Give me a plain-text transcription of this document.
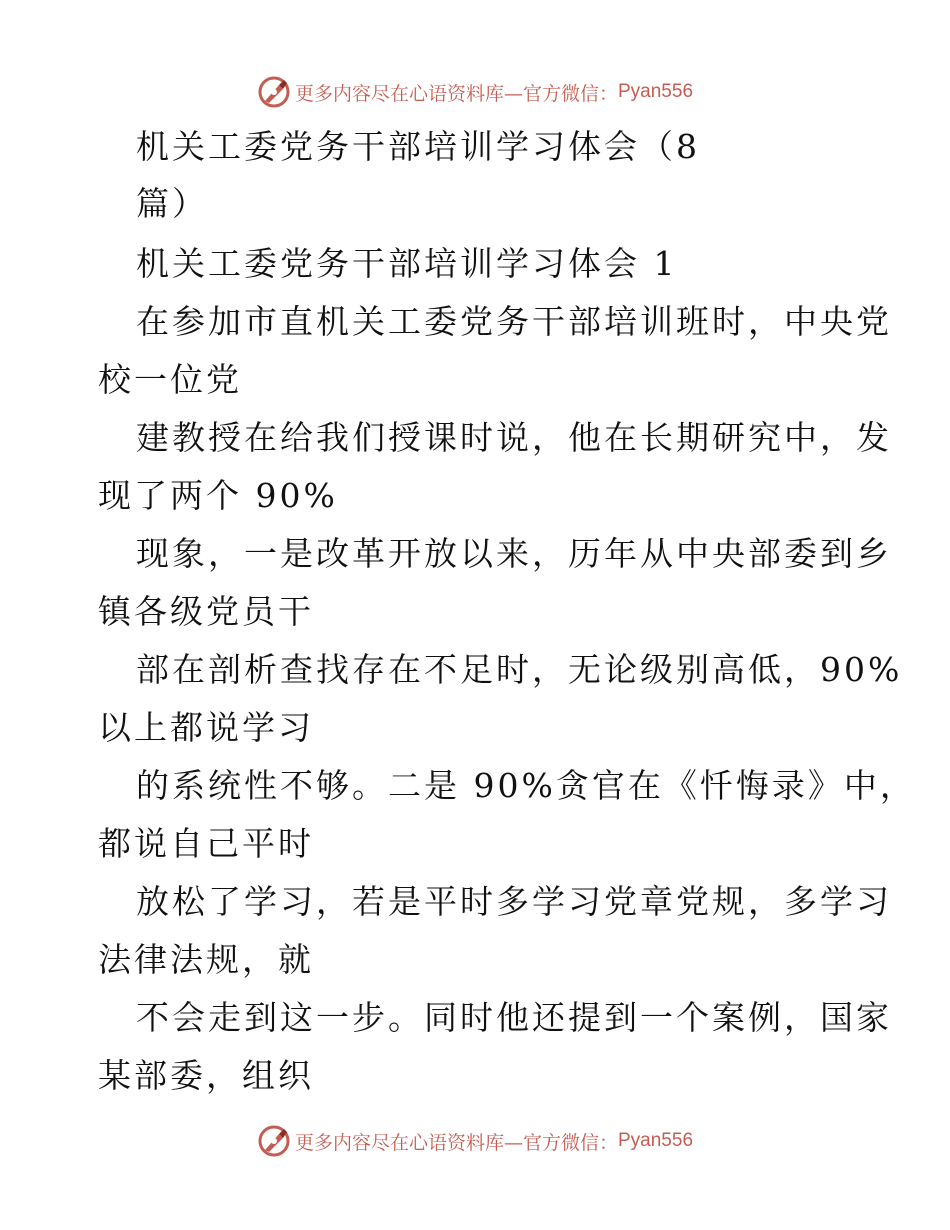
更多内容尽在心语资料库—官方微信： Pyan556
机关工委党务干部培训学习体会（8
篇）
机关工委党务干部培训学习体会 1
在参加市直机关工委党务干部培训班时，中央党
校一位党
建教授在给我们授课时说，他在长期研究中，发
现了两个 90%
现象，一是改革开放以来，历年从中央部委到乡
镇各级党员干
部在剖析查找存在不足时，无论级别高低，90%
以上都说学习
的系统性不够。二是 90%贪官在《忏悔录》中，
都说自己平时
放松了学习，若是平时多学习党章党规，多学习
法律法规，就
不会走到这一步。同时他还提到一个案例，国家
某部委，组织
更多内容尽在心语资料库—官方微信： Pyan556
